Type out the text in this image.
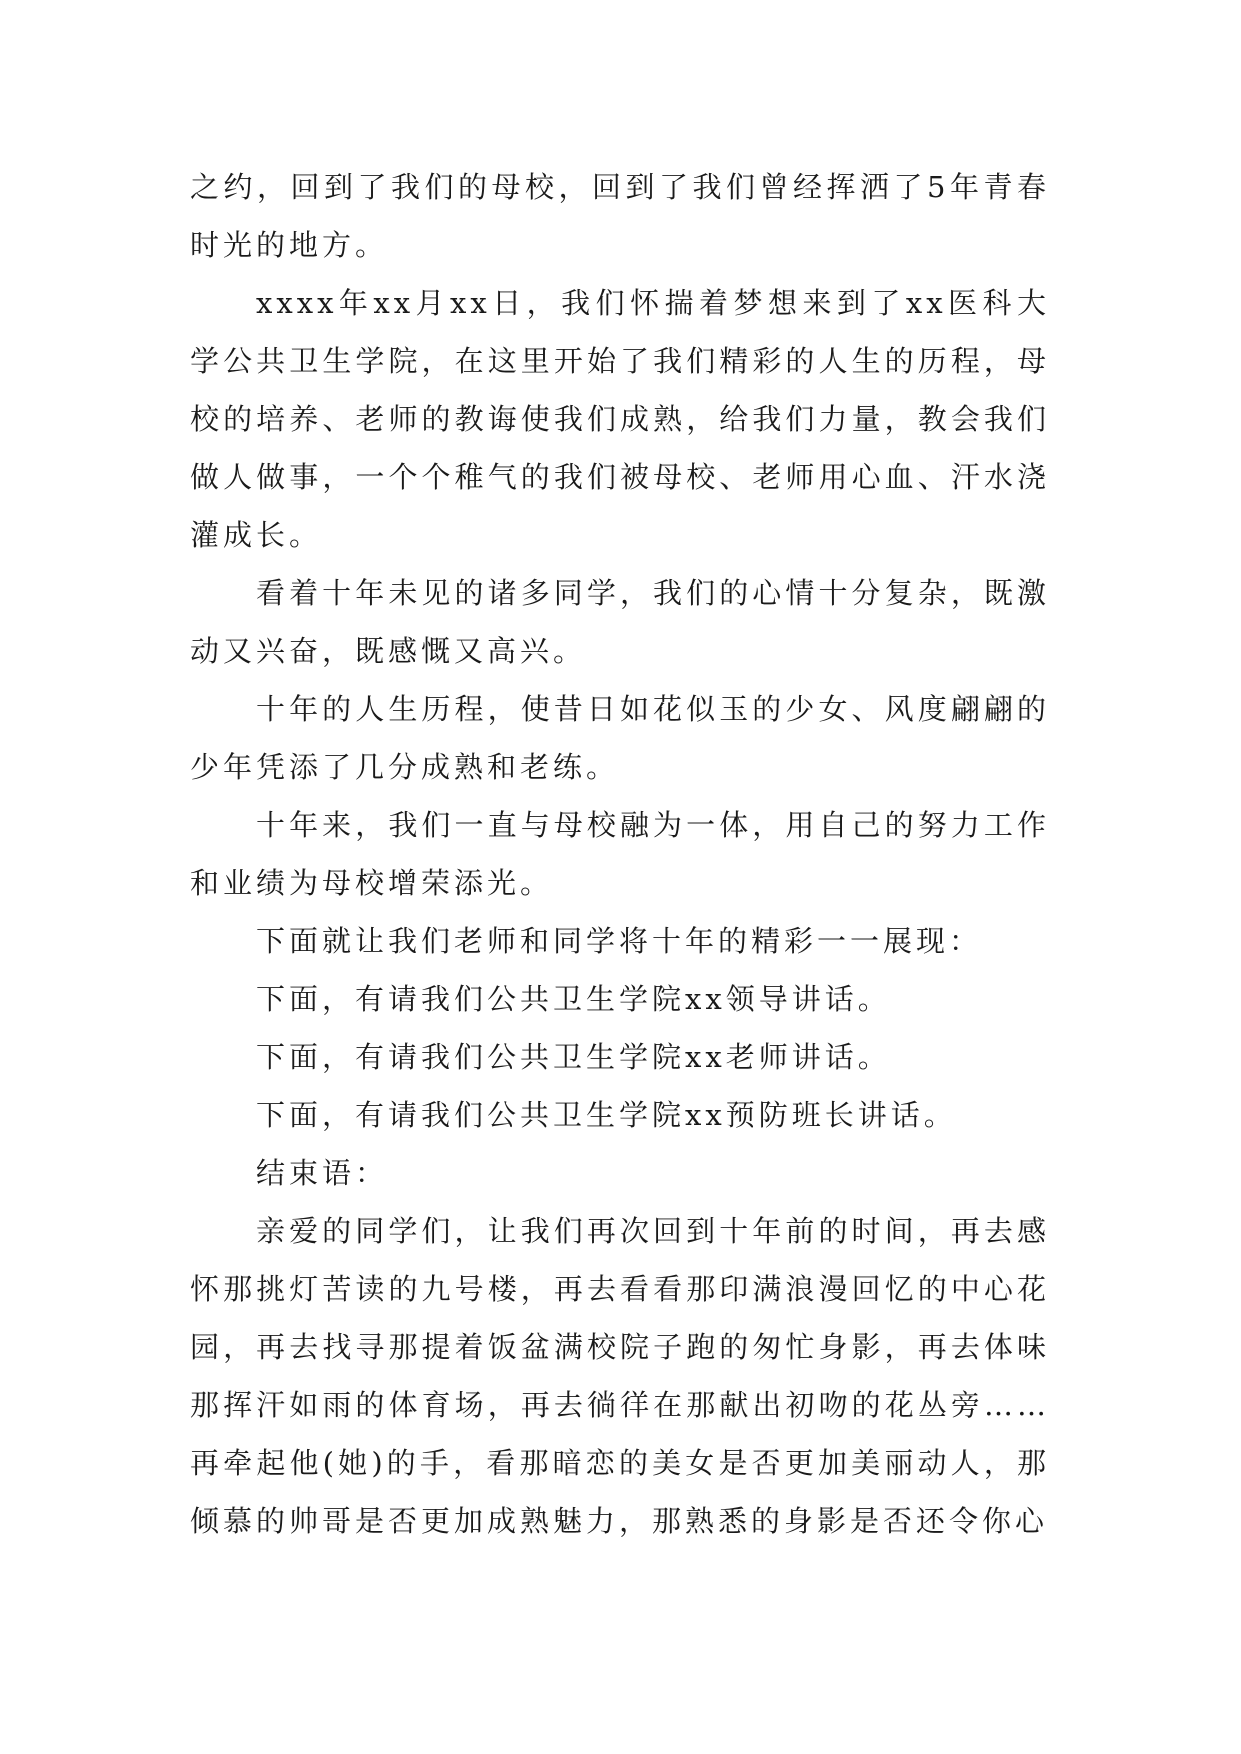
之约，回到了我们的母校，回到了我们曾经挥洒了5年青春时光的地方。

xxxx年xx月xx日，我们怀揣着梦想来到了xx医科大学公共卫生学院，在这里开始了我们精彩的人生的历程，母校的培养、老师的教诲使我们成熟，给我们力量，教会我们做人做事，一个个稚气的我们被母校、老师用心血、汗水浇灌成长。

看着十年未见的诸多同学，我们的心情十分复杂，既激动又兴奋，既感慨又高兴。

十年的人生历程，使昔日如花似玉的少女、风度翩翩的少年凭添了几分成熟和老练。

十年来，我们一直与母校融为一体，用自己的努力工作和业绩为母校增荣添光。

下面就让我们老师和同学将十年的精彩一一展现：

下面，有请我们公共卫生学院xx领导讲话。

下面，有请我们公共卫生学院xx老师讲话。

下面，有请我们公共卫生学院xx预防班长讲话。

结束语：

亲爱的同学们，让我们再次回到十年前的时间，再去感怀那挑灯苦读的九号楼，再去看看那印满浪漫回忆的中心花园，再去找寻那提着饭盆满校院子跑的匆忙身影，再去体味那挥汗如雨的体育场，再去徜徉在那献出初吻的花丛旁……再牵起他(她)的手，看那暗恋的美女是否更加美丽动人，那倾慕的帅哥是否更加成熟魅力，那熟悉的身影是否还令你心
